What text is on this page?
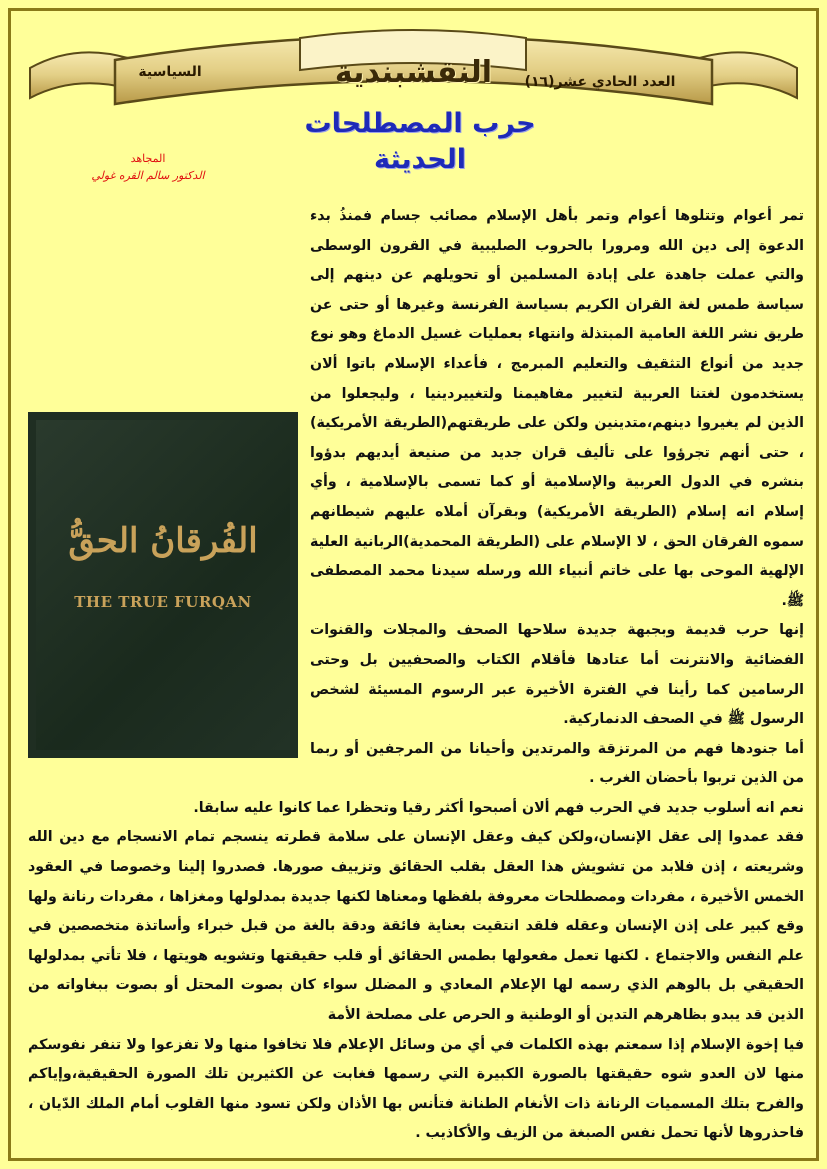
النقشبندية	العدد الحادي عشر(١٦)
السياسية
حرب المصطلحات
الحديثة
المجاهد
الدكتور سالم القره غولي

الفُرقانُ الحقُّ
THE TRUE FURQAN
تمر أعوام وتتلوها أعوام وتمر بأهل الإسلام مصائب جسام فمنذُ بدء الدعوة إلى دين الله ومرورا بالحروب الصليبية في القرون الوسطى والتي عملت جاهدة على إبادة المسلمين أو تحويلهم عن دينهم إلى سياسة طمس لغة القران الكريم بسياسة الفرنسة وغيرها أو حتى عن طريق نشر اللغة العامية المبتذلة وانتهاء بعمليات غسيل الدماغ وهو نوع جديد من أنواع التثقيف والتعليم المبرمج ، فأعداء الإسلام باتوا ألان يستخدمون لغتنا العربية لتغيير مفاهيمنا ولتغييردينيا ، وليجعلوا من الذين لم يغيروا دينهم،متدينين ولكن على طريقتهم(الطريقة الأمريكية) ، حتى أنهم تجرؤوا على تأليف قران جديد من صنيعة أيديهم بدؤوا بنشره في الدول العربية والإسلامية أو كما تسمى بالإسلامية ، وأي إسلام انه إسلام (الطريقة الأمريكية) وبقرآن أملاه عليهم شيطانهم سموه الفرقان الحق ، لا الإسلام على (الطريقة المحمدية)الربانية العلية الإلهية الموحى بها على خاتم أنبياء الله ورسله سيدنا محمد المصطفى ﷺ.

إنها حرب قديمة وبجبهة جديدة سلاحها الصحف والمجلات والقنوات الفضائية والانترنت أما عتادها فأقلام الكتاب والصحفيين بل وحتى الرسامين كما رأينا في الفترة الأخيرة عبر الرسوم المسيئة لشخص الرسول ﷺ في الصحف الدنماركية.

أما جنودها فهم من المرتزقة والمرتدين وأحيانا من المرجفين أو ربما من الذين تربوا بأحضان الغرب .

نعم انه أسلوب جديد في الحرب فهم ألان أصبحوا أكثر رقيا وتحظرا عما كانوا عليه سابقا.

فقد عمدوا إلى عقل الإنسان،ولكن كيف وعقل الإنسان على سلامة قطرته ينسجم تمام الانسجام مع دين الله وشريعته ، إذن فلابد من تشويش هذا العقل بقلب الحقائق وتزييف صورها. فصدروا إلينا وخصوصا في العقود الخمس الأخيرة ، مفردات ومصطلحات معروفة بلفظها ومعناها لكنها جديدة بمدلولها ومغزاها ، مفردات رنانة ولها وقع كبير على إذن الإنسان وعقله فلقد انتقيت بعناية فائقة ودقة بالغة من قبل خبراء وأساتذة متخصصين في علم النفس والاجتماع . لكنها تعمل مفعولها بطمس الحقائق أو قلب حقيقتها وتشويه هويتها ، فلا تأتي بمدلولها الحقيقي بل بالوهم الذي رسمه لها الإعلام المعادي و المضلل سواء كان بصوت المحتل أو بصوت ببغاواته من الذين قد يبدو بظاهرهم التدين أو الوطنية و الحرص على مصلحة الأمة

فيا إخوة الإسلام إذا سمعتم بهذه الكلمات في أي من وسائل الإعلام فلا تخافوا منها ولا تفزعوا ولا تنفر نفوسكم منها لان العدو شوه حقيقتها بالصورة الكبيرة التي رسمها فغابت عن الكثيرين تلك الصورة الحقيقية،وإياكم والفرح بتلك المسميات الرنانة ذات الأنغام الطنانة فتأنس بها الأذان ولكن تسود منها القلوب أمام الملك الدّيان ، فاحذروها لأنها تحمل نفس الصبغة من الزيف والأكاذيب .
